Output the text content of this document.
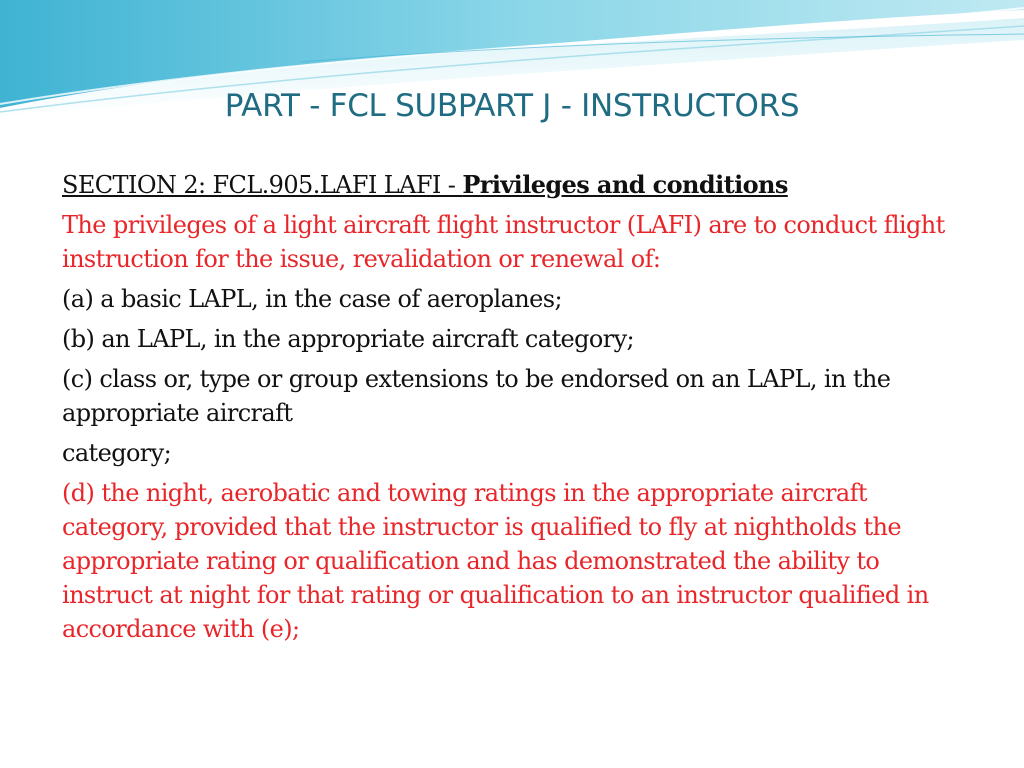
PART - FCL SUBPART J - INSTRUCTORS
SECTION 2: FCL.905.LAFI LAFI - Privileges and conditions
The privileges of a light aircraft flight instructor (LAFI) are to conduct flight instruction for the issue, revalidation or renewal of:
(a) a basic LAPL, in the case of aeroplanes;
(b) an LAPL, in the appropriate aircraft category;
(c) class or, type or group extensions to be endorsed on an LAPL, in the appropriate aircraft
category;
(d) the night, aerobatic and towing ratings in the appropriate aircraft category, provided that the instructor is qualified to fly at nightholds the appropriate rating or qualification and has demonstrated the ability to instruct at night for that rating or qualification to an instructor qualified in accordance with (e);
